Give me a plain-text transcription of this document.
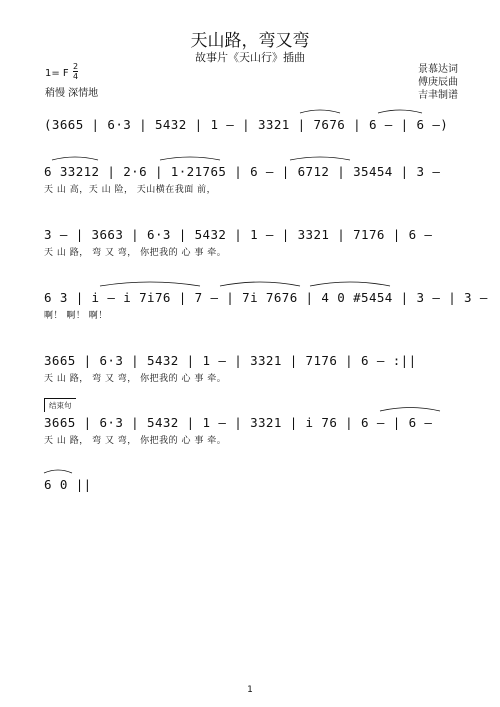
天山路，弯又弯
故事片《天山行》插曲
景慕达词
傅庚辰曲
吉聿制谱
1= F
2
4
稍慢 深情地
(3665 | 6·3 | 5432 | 1 – | 3321 | 7676 | 6 – | 6 –)
6 33212 | 2·6 | 1·21765 | 6 – | 6712 | 35454 | 3 –
天 山 高，天 山 险， 天山横在我面 前，
3 – | 3663 | 6·3 | 5432 | 1 – | 3321 | 7176 | 6 –
天 山 路， 弯 又 弯， 你把我的 心 事 牵。
6 3 | i – i 7i76 | 7 – | 7i 7676 | 4 0 #5454 | 3 – | 3 –
啊！ 啊！ 啊！
3665 | 6·3 | 5432 | 1 – | 3321 | 7176 | 6 – :||
天 山 路， 弯 又 弯， 你把我的 心 事 牵。
结束句
3665 | 6·3 | 5432 | 1 – | 3321 | i 76 | 6 – | 6 –
天 山 路， 弯 又 弯， 你把我的 心 事 牵。
6 0 ||
1
